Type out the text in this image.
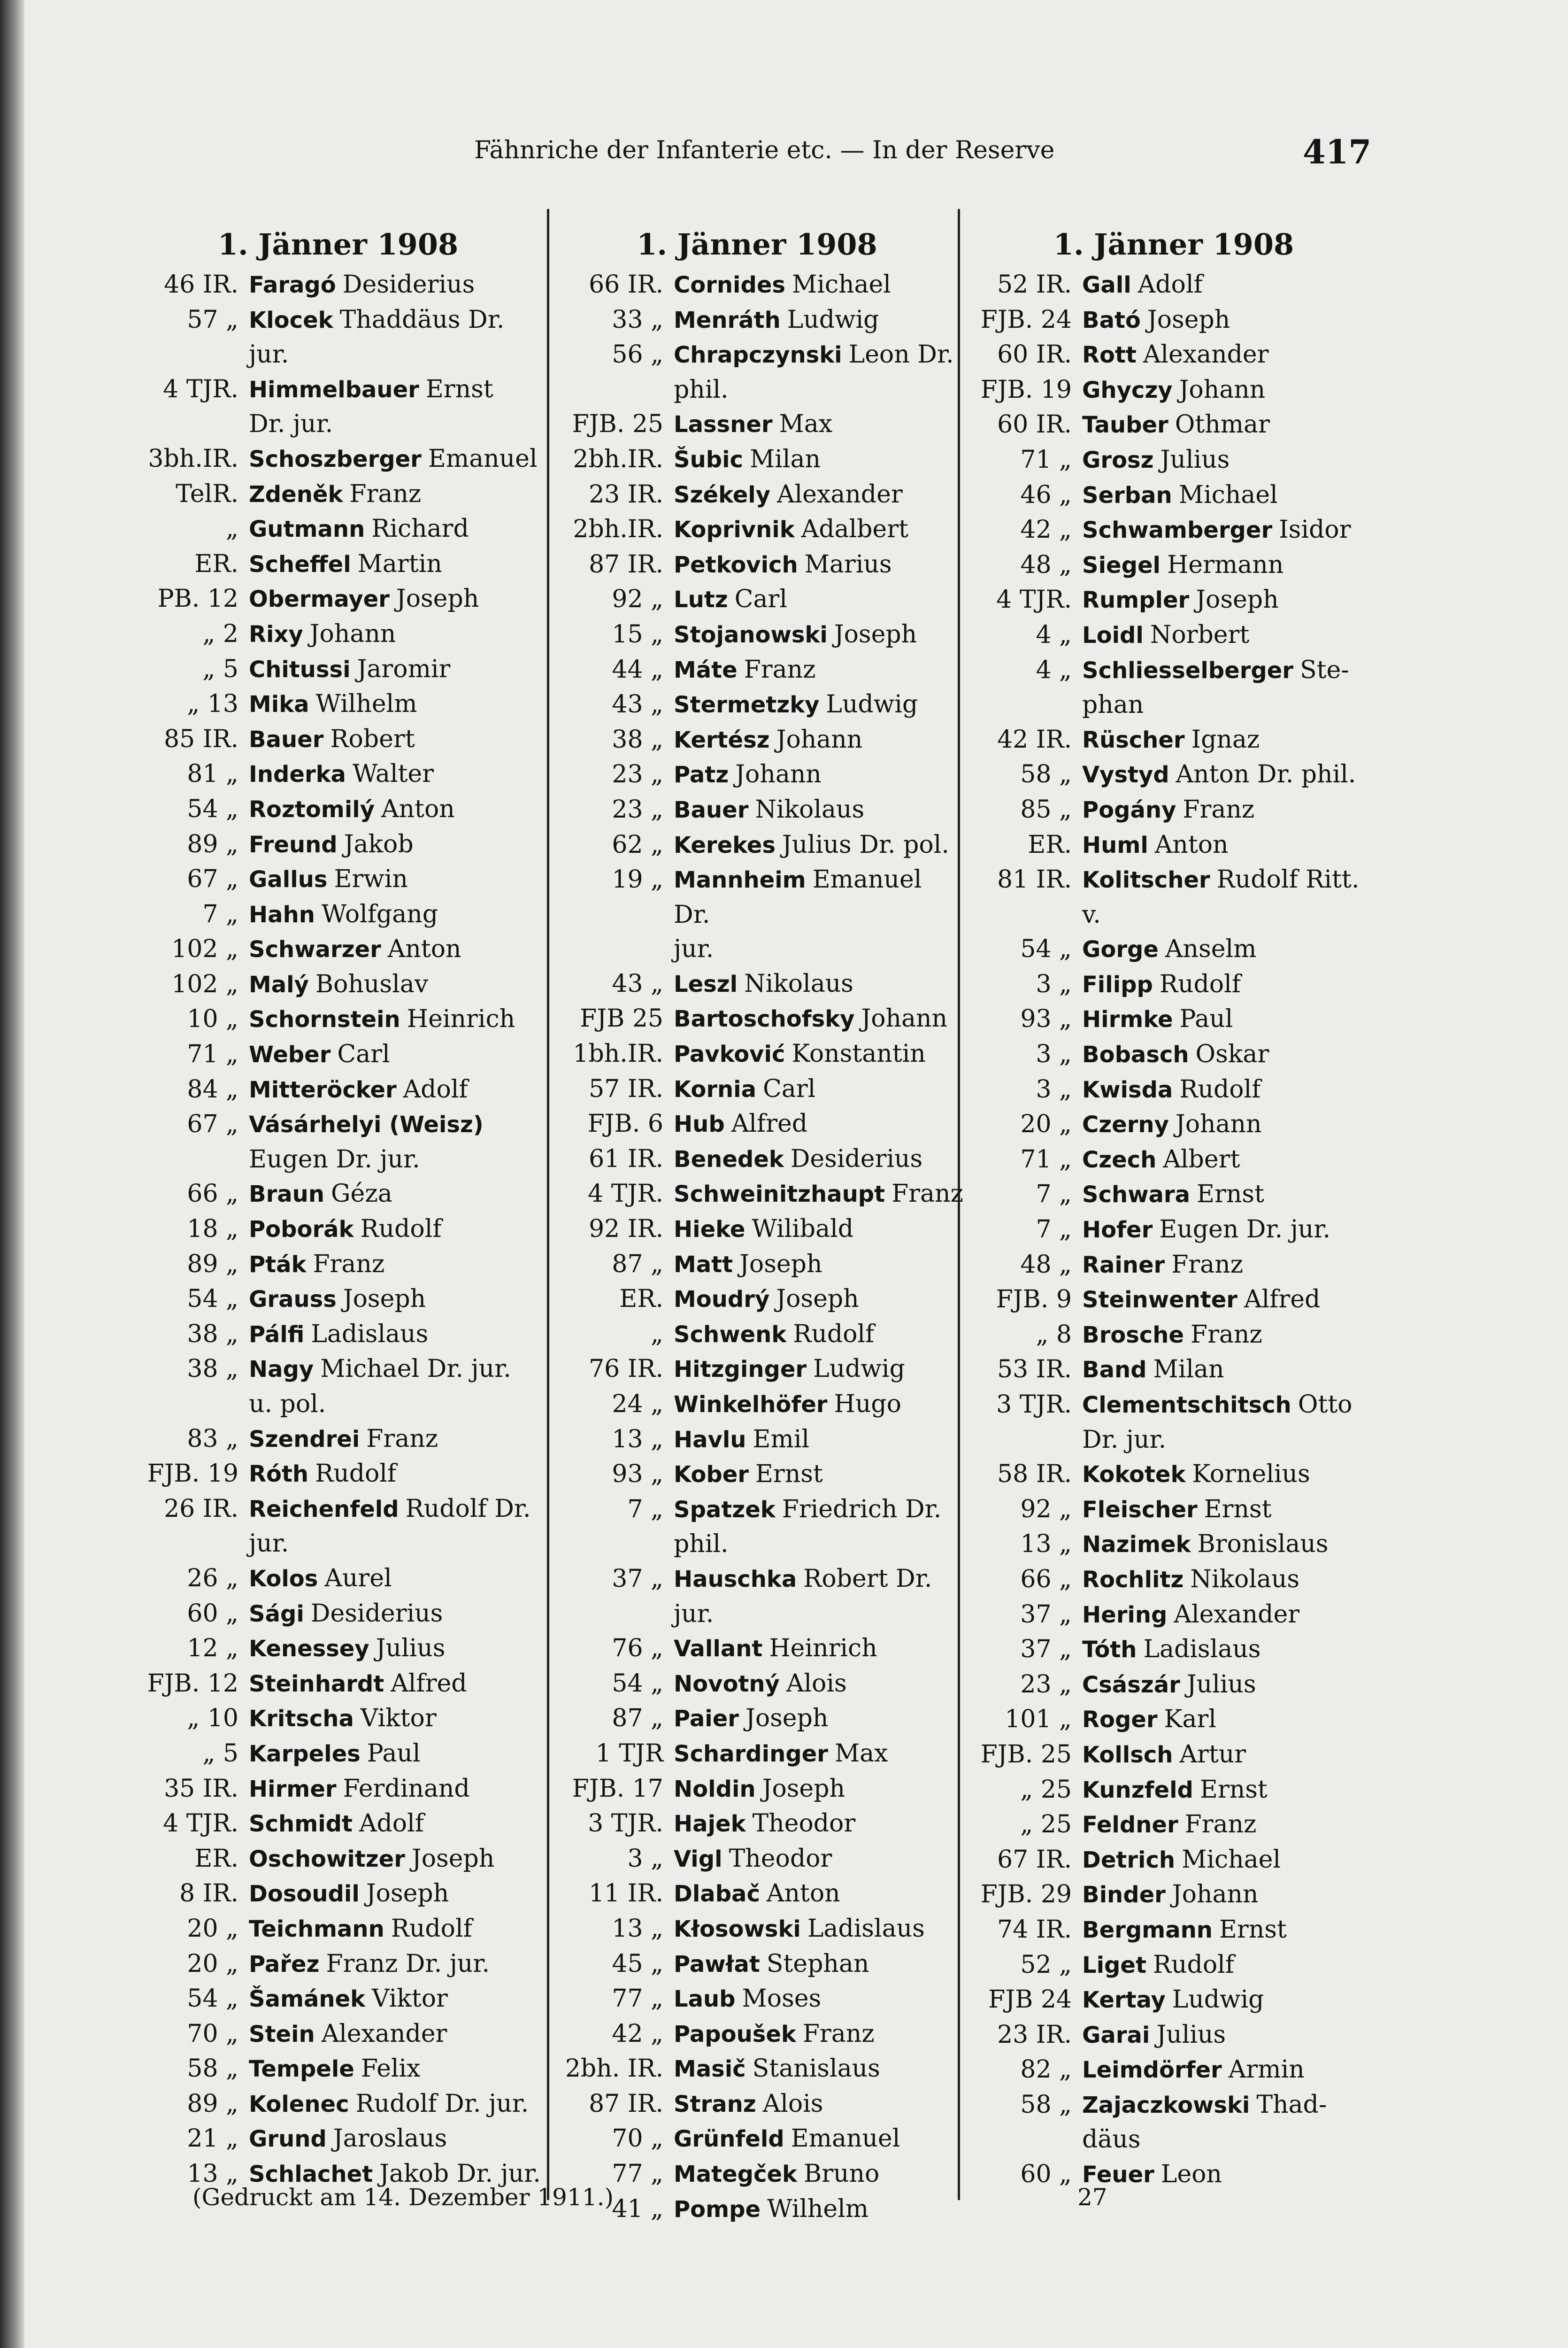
Fähnriche der Infanterie etc. — In der Reserve	417
1. Jänner 1908
46 IR. Faragó Desiderius
57 „ Klocek Thaddäus Dr.
jur.
4 TJR. Himmelbauer Ernst
Dr. jur.
3bh.IR. Schoszberger Emanuel
TelR. Zdeněk Franz
„ Gutmann Richard
ER. Scheffel Martin
PB. 12 Obermayer Joseph
„ 2 Rixy Johann
„ 5 Chitussi Jaromir
„ 13 Mika Wilhelm
85 IR. Bauer Robert
81 „ Inderka Walter
54 „ Roztomilý Anton
89 „ Freund Jakob
67 „ Gallus Erwin
7 „ Hahn Wolfgang
102 „ Schwarzer Anton
102 „ Malý Bohuslav
10 „ Schornstein Heinrich
71 „ Weber Carl
84 „ Mitteröcker Adolf
67 „ Vásárhelyi (Weisz)
Eugen Dr. jur.
66 „ Braun Géza
18 „ Poborák Rudolf
89 „ Pták Franz
54 „ Grauss Joseph
38 „ Pálfi Ladislaus
38 „ Nagy Michael Dr. jur.
u. pol.
83 „ Szendrei Franz
FJB. 19 Róth Rudolf
26 IR. Reichenfeld Rudolf Dr.
jur.
26 „ Kolos Aurel
60 „ Sági Desiderius
12 „ Kenessey Julius
FJB. 12 Steinhardt Alfred
„ 10 Kritscha Viktor
„ 5 Karpeles Paul
35 IR. Hirmer Ferdinand
4 TJR. Schmidt Adolf
ER. Oschowitzer Joseph
8 IR. Dosoudil Joseph
20 „ Teichmann Rudolf
20 „ Pařez Franz Dr. jur.
54 „ Šamánek Viktor
70 „ Stein Alexander
58 „ Tempele Felix
89 „ Kolenec Rudolf Dr. jur.
21 „ Grund Jaroslaus
13 „ Schlachet Jakob Dr. jur.
1. Jänner 1908
66 IR. Cornides Michael
33 „ Menráth Ludwig
56 „ Chrapczynski Leon Dr.
phil.
FJB. 25 Lassner Max
2bh.IR. Šubic Milan
23 IR. Székely Alexander
2bh.IR. Koprivnik Adalbert
87 IR. Petkovich Marius
92 „ Lutz Carl
15 „ Stojanowski Joseph
44 „ Máte Franz
43 „ Stermetzky Ludwig
38 „ Kertész Johann
23 „ Patz Johann
23 „ Bauer Nikolaus
62 „ Kerekes Julius Dr. pol.
19 „ Mannheim Emanuel Dr.
jur.
43 „ Leszl Nikolaus
FJB 25 Bartoschofsky Johann
1bh.IR. Pavković Konstantin
57 IR. Kornia Carl
FJB. 6 Hub Alfred
61 IR. Benedek Desiderius
4 TJR. Schweinitzhaupt Franz
92 IR. Hieke Wilibald
87 „ Matt Joseph
ER. Moudrý Joseph
„ Schwenk Rudolf
76 IR. Hitzginger Ludwig
24 „ Winkelhöfer Hugo
13 „ Havlu Emil
93 „ Kober Ernst
7 „ Spatzek Friedrich Dr.
phil.
37 „ Hauschka Robert Dr.
jur.
76 „ Vallant Heinrich
54 „ Novotný Alois
87 „ Paier Joseph
1 TJR Schardinger Max
FJB. 17 Noldin Joseph
3 TJR. Hajek Theodor
3 „ Vigl Theodor
11 IR. Dlabač Anton
13 „ Kłosowski Ladislaus
45 „ Pawłat Stephan
77 „ Laub Moses
42 „ Papoušek Franz
2bh. IR. Masič Stanislaus
87 IR. Stranz Alois
70 „ Grünfeld Emanuel
77 „ Mategček Bruno
41 „ Pompe Wilhelm
1. Jänner 1908
52 IR. Gall Adolf
FJB. 24 Bató Joseph
60 IR. Rott Alexander
FJB. 19 Ghyczy Johann
60 IR. Tauber Othmar
71 „ Grosz Julius
46 „ Serban Michael
42 „ Schwamberger Isidor
48 „ Siegel Hermann
4 TJR. Rumpler Joseph
4 „ Loidl Norbert
4 „ Schliesselberger Ste-
phan
42 IR. Rüscher Ignaz
58 „ Vystyd Anton Dr. phil.
85 „ Pogány Franz
ER. Huml Anton
81 IR. Kolitscher Rudolf Ritt.
v.
54 „ Gorge Anselm
3 „ Filipp Rudolf
93 „ Hirmke Paul
3 „ Bobasch Oskar
3 „ Kwisda Rudolf
20 „ Czerny Johann
71 „ Czech Albert
7 „ Schwara Ernst
7 „ Hofer Eugen Dr. jur.
48 „ Rainer Franz
FJB. 9 Steinwenter Alfred
„ 8 Brosche Franz
53 IR. Band Milan
3 TJR. Clementschitsch Otto
Dr. jur.
58 IR. Kokotek Kornelius
92 „ Fleischer Ernst
13 „ Nazimek Bronislaus
66 „ Rochlitz Nikolaus
37 „ Hering Alexander
37 „ Tóth Ladislaus
23 „ Császár Julius
101 „ Roger Karl
FJB. 25 Kollsch Artur
„ 25 Kunzfeld Ernst
„ 25 Feldner Franz
67 IR. Detrich Michael
FJB. 29 Binder Johann
74 IR. Bergmann Ernst
52 „ Liget Rudolf
FJB 24 Kertay Ludwig
23 IR. Garai Julius
82 „ Leimdörfer Armin
58 „ Zajaczkowski Thad-
däus
60 „ Feuer Leon
(Gedruckt am 14. Dezember 1911.)	27
